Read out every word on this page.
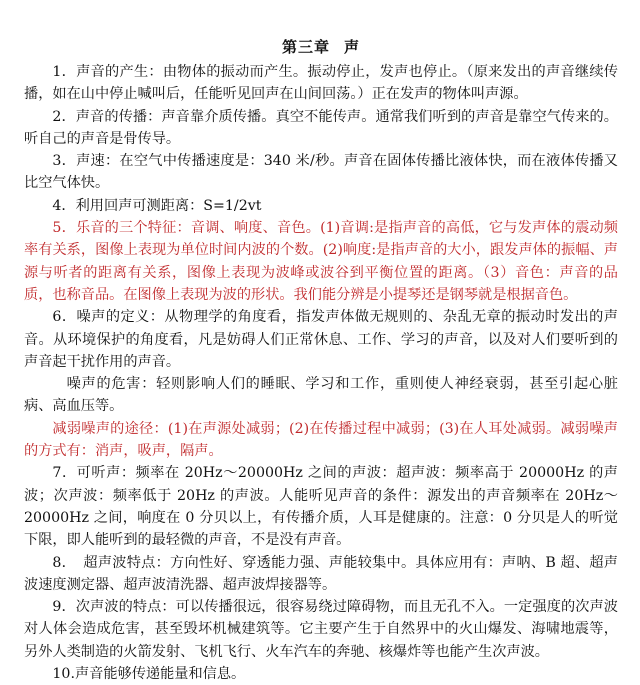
第三章 声

1．声音的产生：由物体的振动而产生。振动停止，发声也停止。（原来发出的声音继续传播，如在山中停止喊叫后，任能听见回声在山间回荡。）正在发声的物体叫声源。

2．声音的传播：声音靠介质传播。真空不能传声。通常我们听到的声音是靠空气传来的。听自己的声音是骨传导。

3．声速：在空气中传播速度是：340 米/秒。声音在固体传播比液体快，而在液体传播又比空气体快。

4．利用回声可测距离：S=1/2vt

5．乐音的三个特征：音调、响度、音色。(1)音调:是指声音的高低，它与发声体的震动频率有关系，图像上表现为单位时间内波的个数。(2)响度:是指声音的大小，跟发声体的振幅、声源与听者的距离有关系，图像上表现为波峰或波谷到平衡位置的距离。（3）音色：声音的品质，也称音品。在图像上表现为波的形状。我们能分辨是小提琴还是钢琴就是根据音色。

6．噪声的定义：从物理学的角度看，指发声体做无规则的、杂乱无章的振动时发出的声音。从环境保护的角度看，凡是妨碍人们正常休息、工作、学习的声音，以及对人们要听到的声音起干扰作用的声音。

噪声的危害：轻则影响人们的睡眠、学习和工作，重则使人神经衰弱，甚至引起心脏病、高血压等。

减弱噪声的途径：(1)在声源处减弱；(2)在传播过程中减弱；(3)在人耳处减弱。减弱噪声的方式有：消声，吸声，隔声。

7．可听声：频率在 20Hz～20000Hz 之间的声波：超声波：频率高于 20000Hz 的声波；次声波：频率低于 20Hz 的声波。人能听见声音的条件：源发出的声音频率在 20Hz～20000Hz 之间，响度在 0 分贝以上，有传播介质，人耳是健康的。注意：0 分贝是人的听觉下限，即人能听到的最轻微的声音，不是没有声音。

8．　超声波特点：方向性好、穿透能力强、声能较集中。具体应用有：声呐、B 超、超声波速度测定器、超声波清洗器、超声波焊接器等。

9．次声波的特点：可以传播很远，很容易绕过障碍物，而且无孔不入。一定强度的次声波对人体会造成危害，甚至毁坏机械建筑等。它主要产生于自然界中的火山爆发、海啸地震等，另外人类制造的火箭发射、飞机飞行、火车汽车的奔驰、核爆炸等也能产生次声波。

10.声音能够传递能量和信息。
